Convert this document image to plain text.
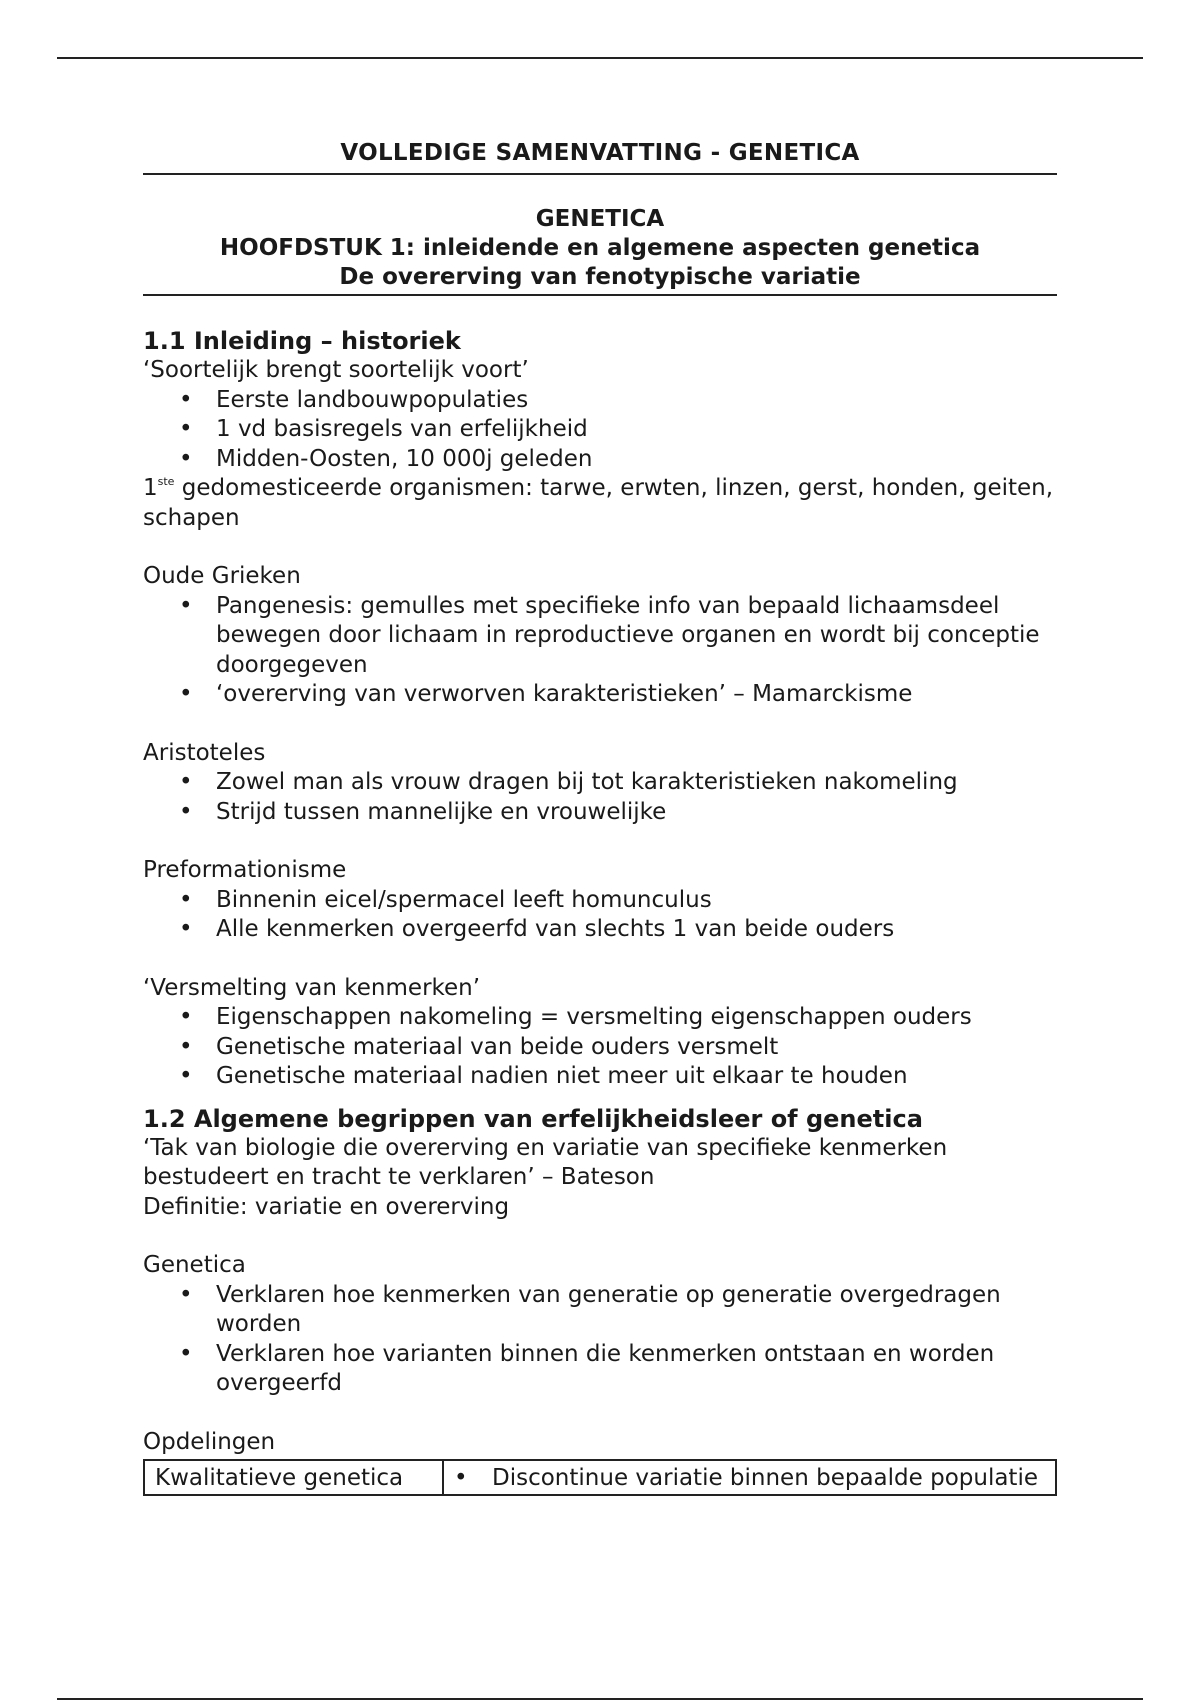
VOLLEDIGE SAMENVATTING - GENETICA
GENETICA
HOOFDSTUK 1: inleidende en algemene aspecten genetica
De overerving van fenotypische variatie
1.1 Inleiding – historiek

‘Soortelijk brengt soortelijk voort’

• Eerste landbouwpopulaties
• 1 vd basisregels van erfelijkheid
• Midden-Oosten, 10 000j geleden

1ste gedomesticeerde organismen: tarwe, erwten, linzen, gerst, honden, geiten, schapen

Oude Grieken

• Pangenesis: gemulles met specifieke info van bepaald lichaamsdeel bewegen door lichaam in reproductieve organen en wordt bij conceptie doorgegeven
• ‘overerving van verworven karakteristieken’ – Mamarckisme

Aristoteles

• Zowel man als vrouw dragen bij tot karakteristieken nakomeling
• Strijd tussen mannelijke en vrouwelijke

Preformationisme

• Binnenin eicel/spermacel leeft homunculus
• Alle kenmerken overgeerfd van slechts 1 van beide ouders

‘Versmelting van kenmerken’

• Eigenschappen nakomeling = versmelting eigenschappen ouders
• Genetische materiaal van beide ouders versmelt
• Genetische materiaal nadien niet meer uit elkaar te houden
1.2 Algemene begrippen van erfelijkheidsleer of genetica

‘Tak van biologie die overerving en variatie van specifieke kenmerken bestudeert en tracht te verklaren’ – Bateson

Definitie: variatie en overerving

Genetica

• Verklaren hoe kenmerken van generatie op generatie overgedragen worden
• Verklaren hoe varianten binnen die kenmerken ontstaan en worden overgeerfd

Opdelingen

Kwalitatieve genetica	•Discontinue variatie binnen bepaalde populatie
